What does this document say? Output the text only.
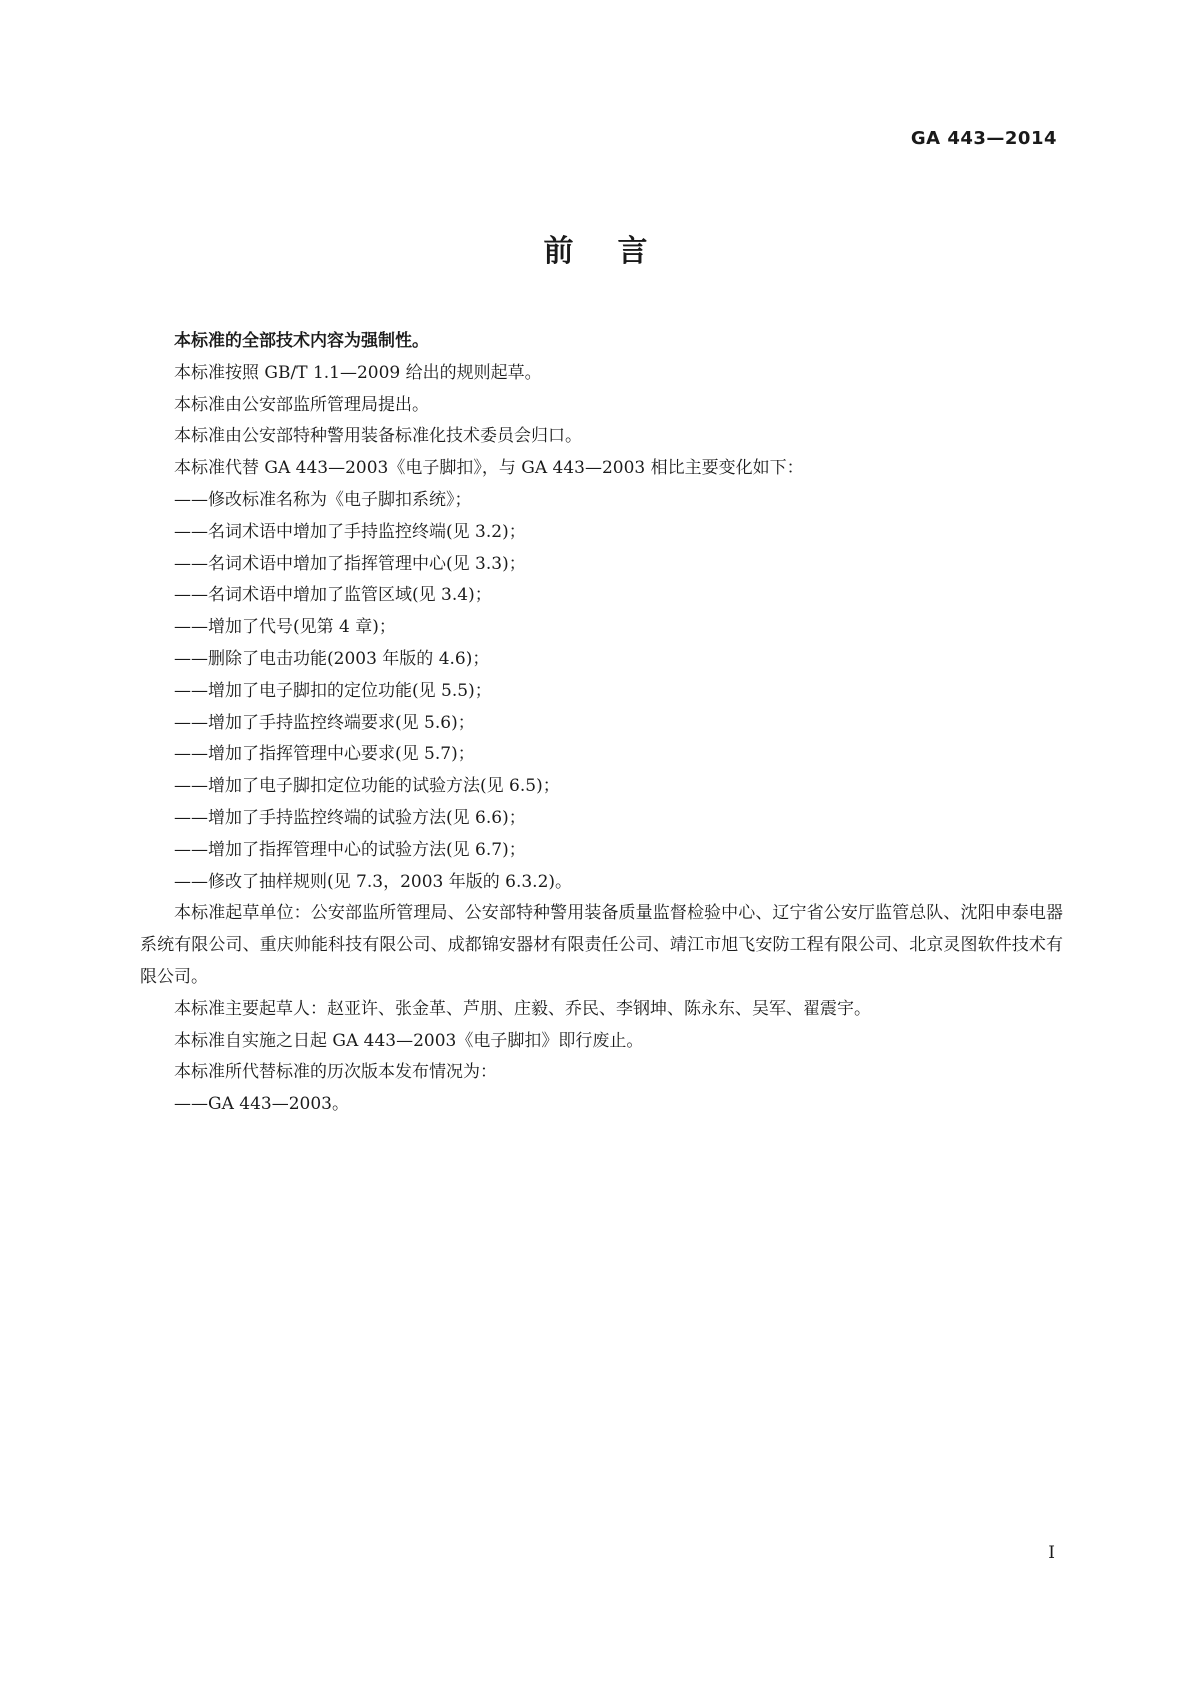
GA 443—2014
前言

本标准的全部技术内容为强制性。

本标准按照 GB/T 1.1—2009 给出的规则起草。

本标准由公安部监所管理局提出。

本标准由公安部特种警用装备标准化技术委员会归口。

本标准代替 GA 443—2003《电子脚扣》，与 GA 443—2003 相比主要变化如下：

——修改标准名称为《电子脚扣系统》；
——名词术语中增加了手持监控终端(见 3.2)；
——名词术语中增加了指挥管理中心(见 3.3)；
——名词术语中增加了监管区域(见 3.4)；
——增加了代号(见第 4 章)；
——删除了电击功能(2003 年版的 4.6)；
——增加了电子脚扣的定位功能(见 5.5)；
——增加了手持监控终端要求(见 5.6)；
——增加了指挥管理中心要求(见 5.7)；
——增加了电子脚扣定位功能的试验方法(见 6.5)；
——增加了手持监控终端的试验方法(见 6.6)；
——增加了指挥管理中心的试验方法(见 6.7)；
——修改了抽样规则(见 7.3，2003 年版的 6.3.2)。

本标准起草单位：公安部监所管理局、公安部特种警用装备质量监督检验中心、辽宁省公安厅监管总队、沈阳申泰电器系统有限公司、重庆帅能科技有限公司、成都锦安器材有限责任公司、靖江市旭飞安防工程有限公司、北京灵图软件技术有限公司。

本标准主要起草人：赵亚许、张金革、芦朋、庄毅、乔民、李钢坤、陈永东、吴军、翟震宇。

本标准自实施之日起 GA 443—2003《电子脚扣》即行废止。

本标准所代替标准的历次版本发布情况为：

——GA 443—2003。
I
